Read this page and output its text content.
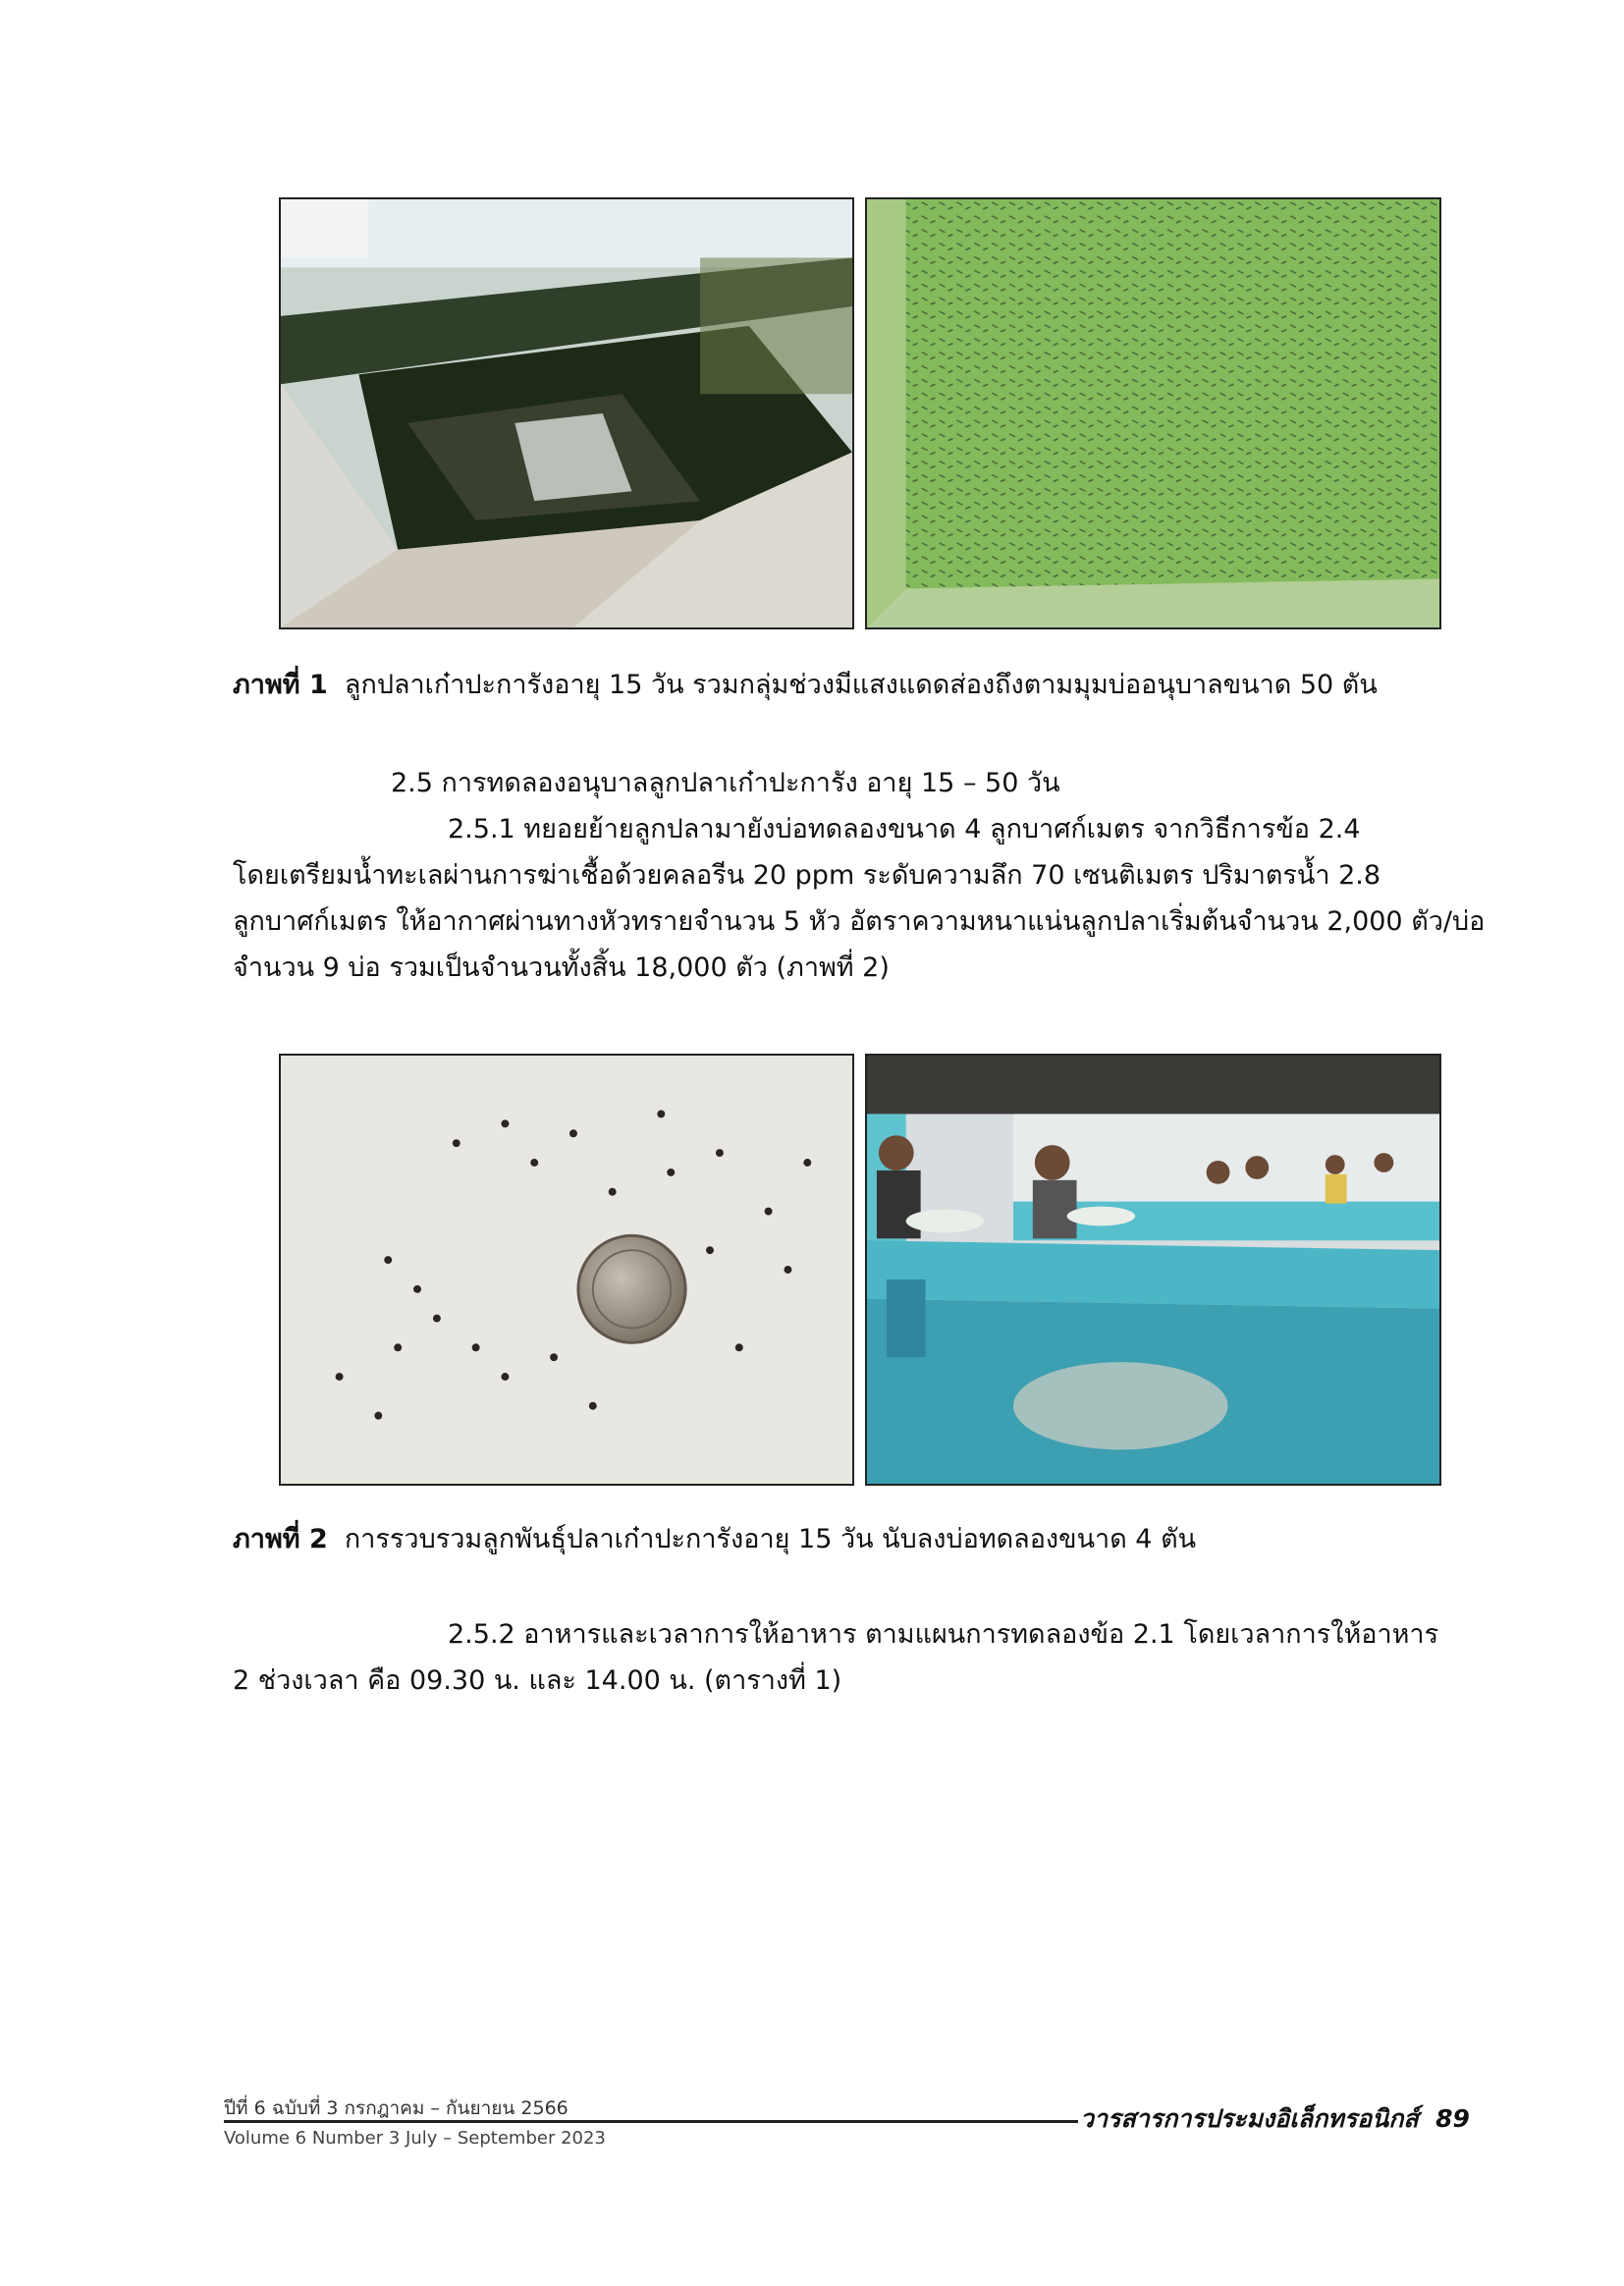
ภาพที่ 1 ลูกปลาเก๋าปะการังอายุ 15 วัน รวมกลุ่มช่วงมีแสงแดดส่องถึงตามมุมบ่ออนุบาลขนาด 50 ตัน
2.5 การทดลองอนุบาลลูกปลาเก๋าปะการัง อายุ 15 – 50 วัน
2.5.1 ทยอยย้ายลูกปลามายังบ่อทดลองขนาด 4 ลูกบาศก์เมตร จากวิธีการข้อ 2.4
โดยเตรียมน้ำทะเลผ่านการฆ่าเชื้อด้วยคลอรีน 20 ppm ระดับความลึก 70 เซนติเมตร ปริมาตรน้ำ 2.8
ลูกบาศก์เมตร ให้อากาศผ่านทางหัวทรายจำนวน 5 หัว อัตราความหนาแน่นลูกปลาเริ่มต้นจำนวน 2,000 ตัว/บ่อ
จำนวน 9 บ่อ รวมเป็นจำนวนทั้งสิ้น 18,000 ตัว (ภาพที่ 2)
ภาพที่ 2 การรวบรวมลูกพันธุ์ปลาเก๋าปะการังอายุ 15 วัน นับลงบ่อทดลองขนาด 4 ตัน
2.5.2 อาหารและเวลาการให้อาหาร ตามแผนการทดลองข้อ 2.1 โดยเวลาการให้อาหาร
2 ช่วงเวลา คือ 09.30 น. และ 14.00 น. (ตารางที่ 1)
ปีที่ 6 ฉบับที่ 3 กรกฎาคม – กันยายน 2566
Volume 6 Number 3 July – September 2023
วารสารการประมงอิเล็กทรอนิกส์ 89
